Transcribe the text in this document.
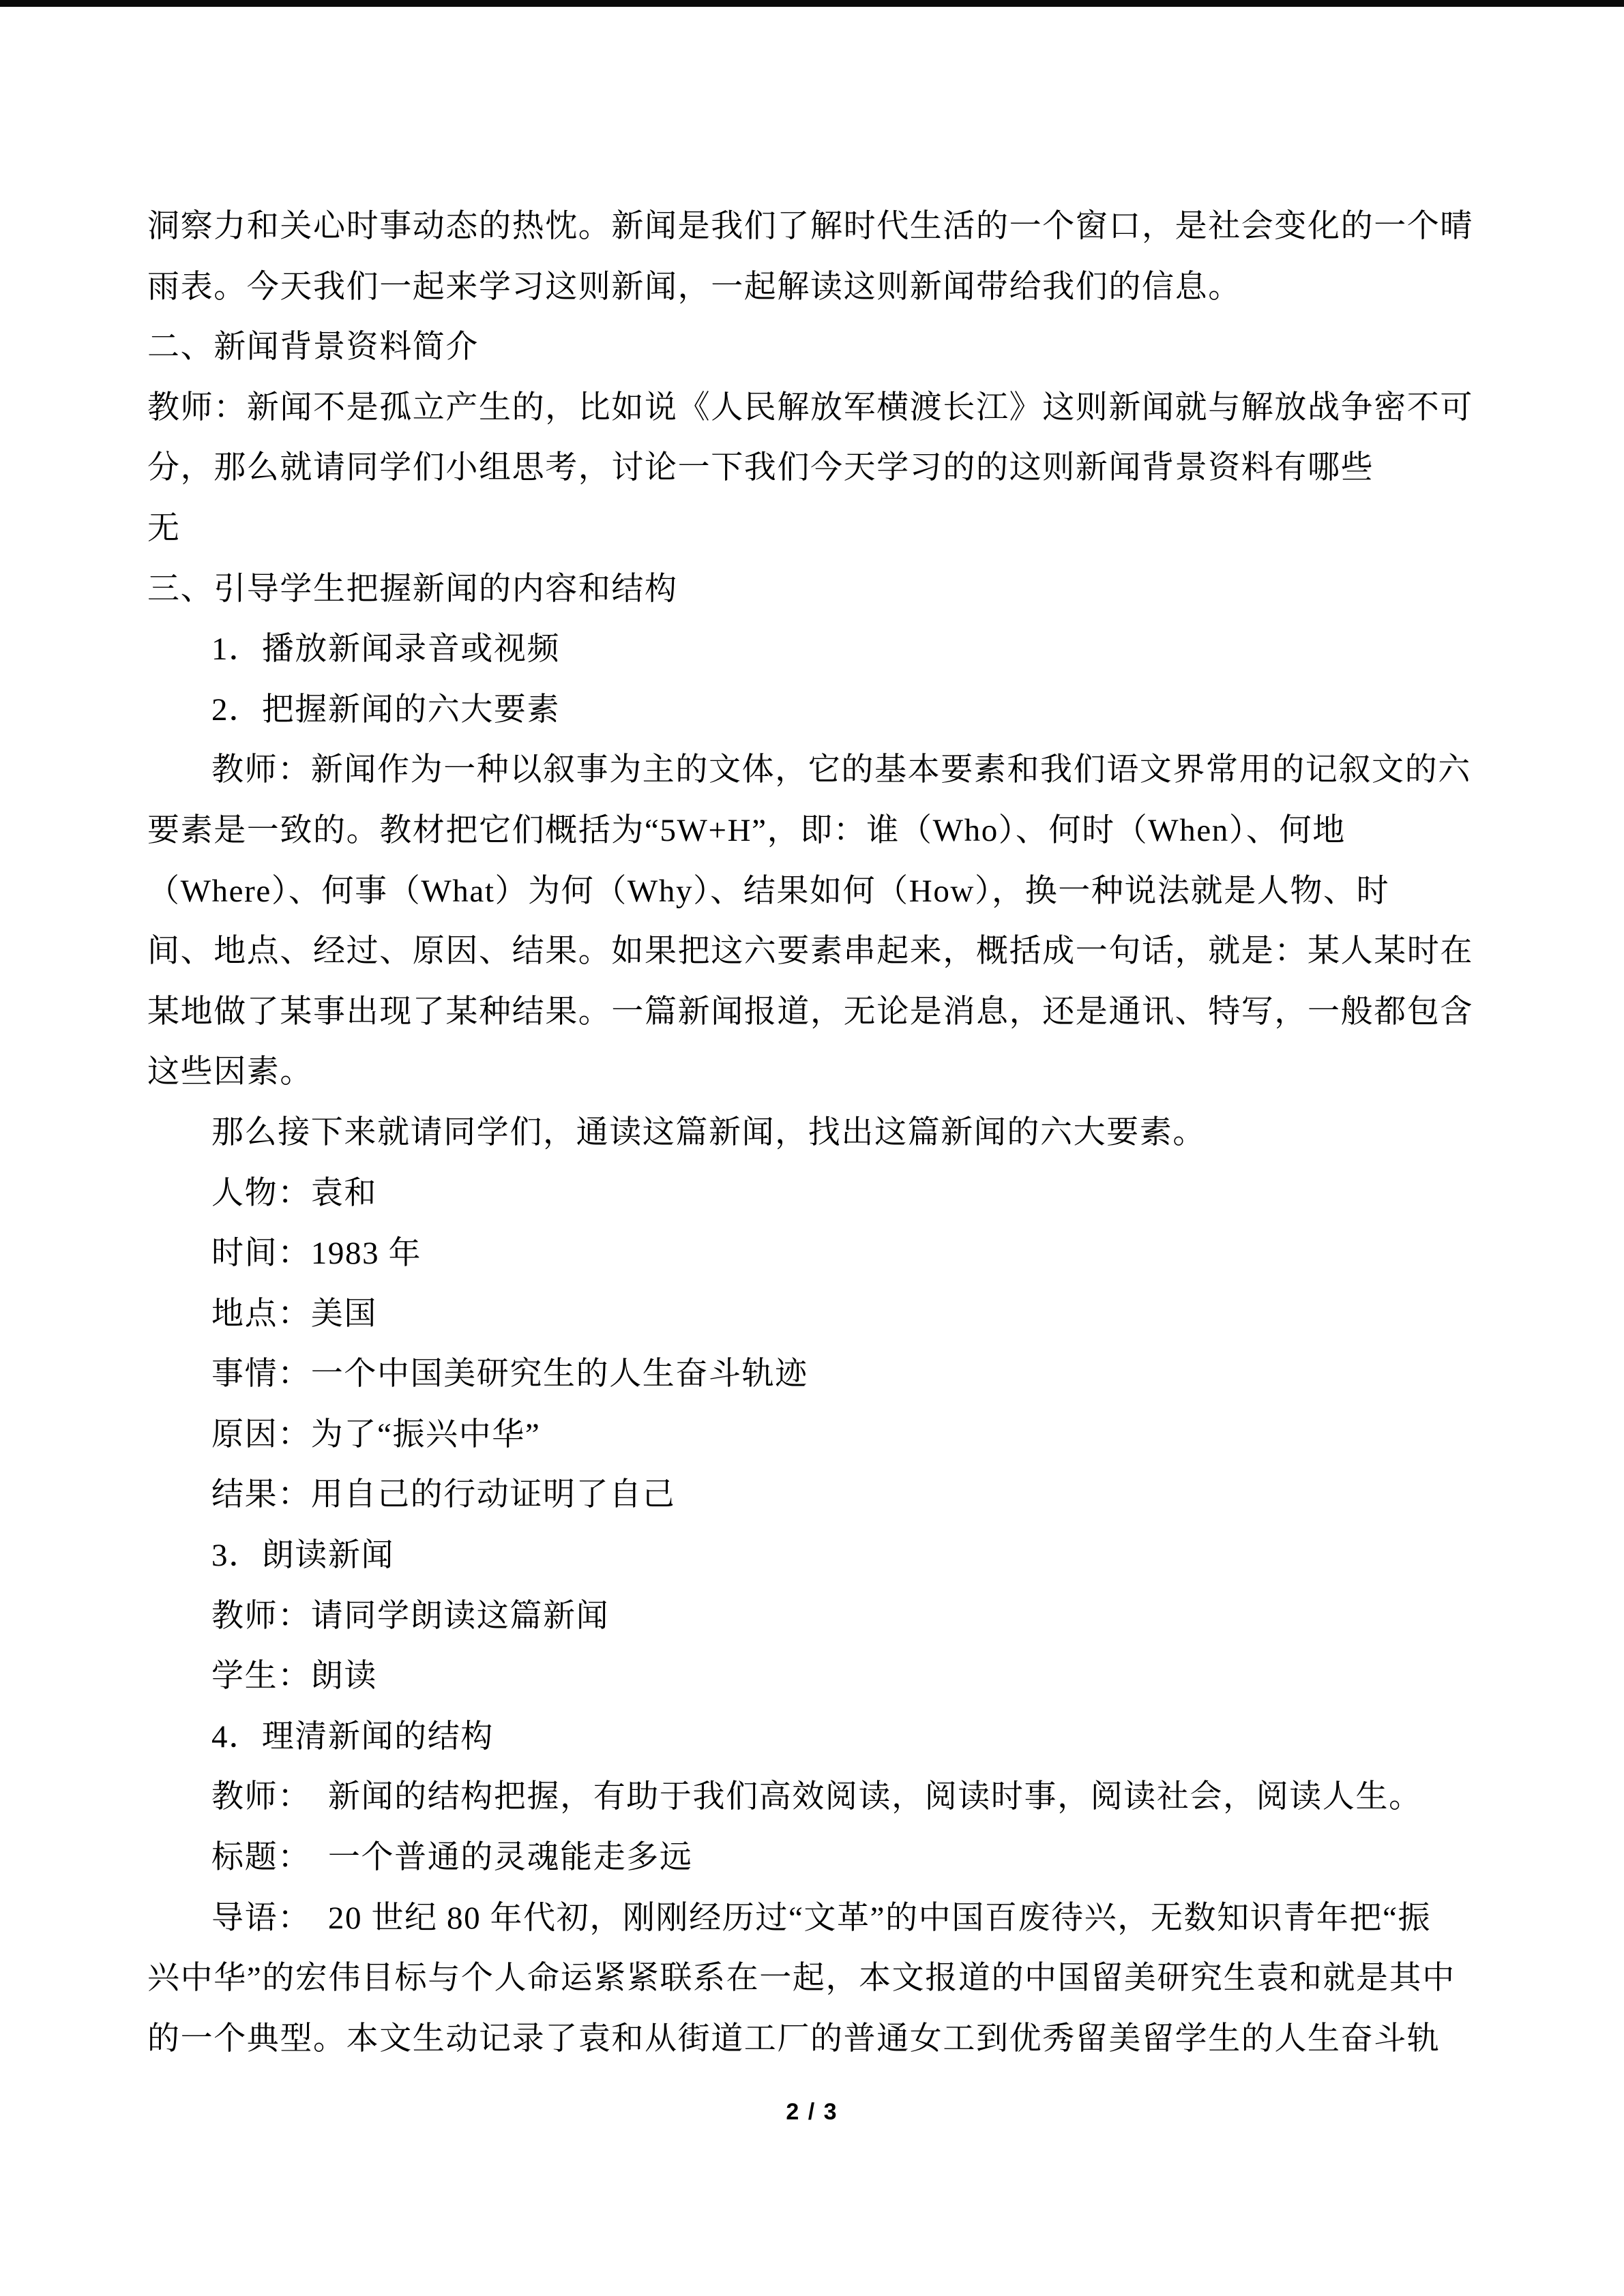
洞察力和关心时事动态的热忱。新闻是我们了解时代生活的一个窗口，是社会变化的一个晴

雨表。今天我们一起来学习这则新闻，一起解读这则新闻带给我们的信息。

二、新闻背景资料简介

教师：新闻不是孤立产生的，比如说《人民解放军横渡长江》这则新闻就与解放战争密不可

分，那么就请同学们小组思考，讨论一下我们今天学习的的这则新闻背景资料有哪些

无

三、引导学生把握新闻的内容和结构

1．播放新闻录音或视频

2．把握新闻的六大要素

教师：新闻作为一种以叙事为主的文体，它的基本要素和我们语文界常用的记叙文的六

要素是一致的。教材把它们概括为“5W+H”，即：谁（Who）、何时（When）、何地

（Where）、何事（What）为何（Why）、结果如何（How），换一种说法就是人物、时

间、地点、经过、原因、结果。如果把这六要素串起来，概括成一句话，就是：某人某时在

某地做了某事出现了某种结果。一篇新闻报道，无论是消息，还是通讯、特写，一般都包含

这些因素。

那么接下来就请同学们，通读这篇新闻，找出这篇新闻的六大要素。

人物：袁和

时间：1983 年

地点：美国

事情：一个中国美研究生的人生奋斗轨迹

原因：为了“振兴中华”

结果：用自己的行动证明了自己

3．朗读新闻

教师：请同学朗读这篇新闻

学生：朗读

4．理清新闻的结构

教师：　新闻的结构把握，有助于我们高效阅读，阅读时事，阅读社会，阅读人生。

标题：　一个普通的灵魂能走多远

导语：　20 世纪 80 年代初，刚刚经历过“文革”的中国百废待兴，无数知识青年把“振

兴中华”的宏伟目标与个人命运紧紧联系在一起，本文报道的中国留美研究生袁和就是其中

的一个典型。本文生动记录了袁和从街道工厂的普通女工到优秀留美留学生的人生奋斗轨

2 / 3
